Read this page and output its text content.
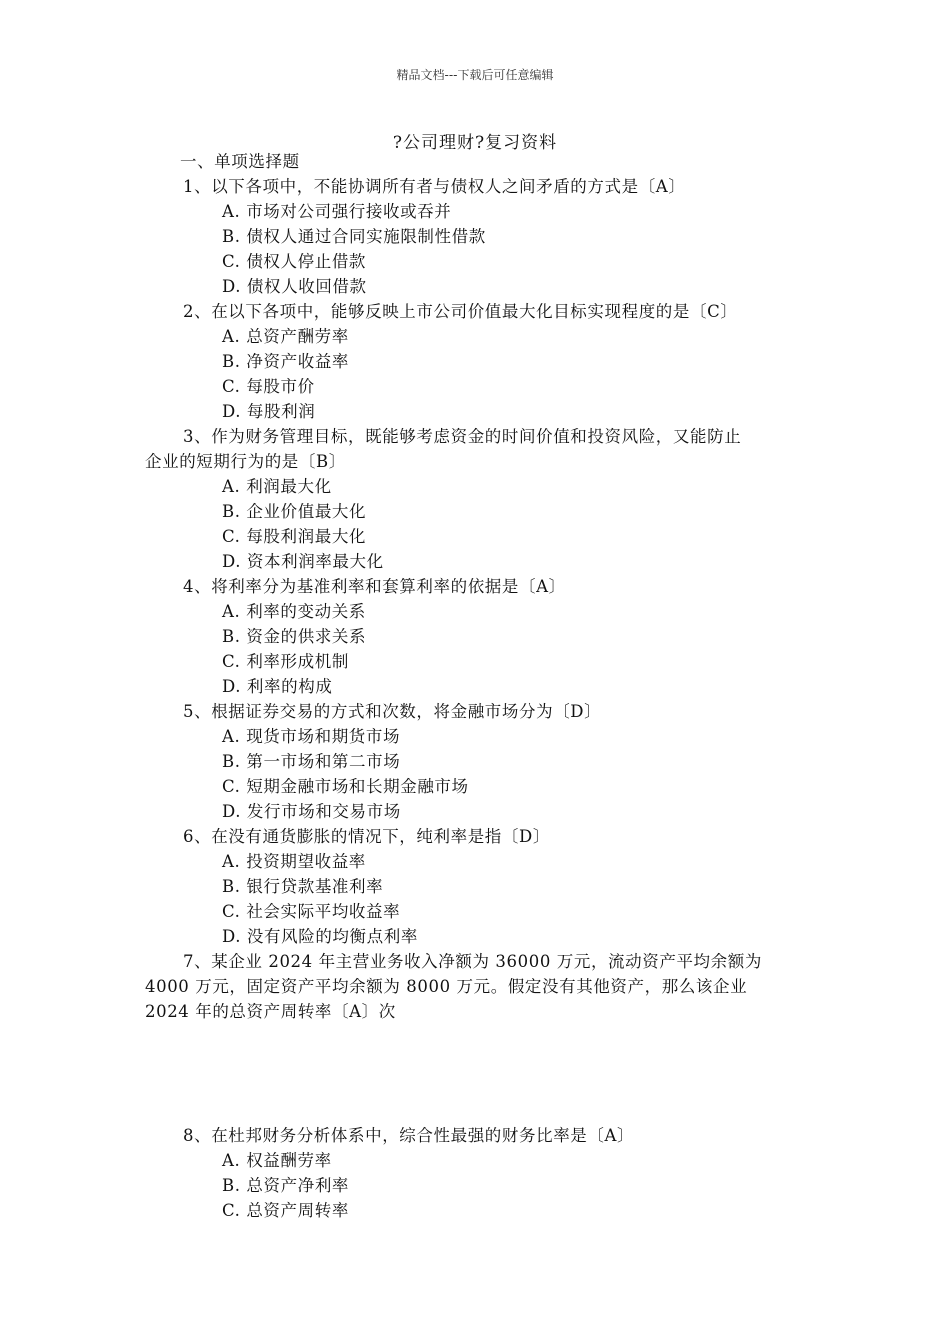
精品文档---下载后可任意编辑
?公司理财?复习资料
一、单项选择题
1、以下各项中，不能协调所有者与债权人之间矛盾的方式是〔A〕
A. 市场对公司强行接收或吞并
B. 债权人通过合同实施限制性借款
C. 债权人停止借款
D. 债权人收回借款
2、在以下各项中，能够反映上市公司价值最大化目标实现程度的是〔C〕
A. 总资产酬劳率
B. 净资产收益率
C. 每股市价
D. 每股利润
3、作为财务管理目标，既能够考虑资金的时间价值和投资风险，又能防止
企业的短期行为的是〔B〕
A. 利润最大化
B. 企业价值最大化
C. 每股利润最大化
D. 资本利润率最大化
4、将利率分为基准利率和套算利率的依据是〔A〕
A. 利率的变动关系
B. 资金的供求关系
C. 利率形成机制
D. 利率的构成
5、根据证券交易的方式和次数，将金融市场分为〔D〕
A. 现货市场和期货市场
B. 第一市场和第二市场
C. 短期金融市场和长期金融市场
D. 发行市场和交易市场
6、在没有通货膨胀的情况下，纯利率是指〔D〕
A. 投资期望收益率
B. 银行贷款基准利率
C. 社会实际平均收益率
D. 没有风险的均衡点利率
7、某企业 2024 年主营业务收入净额为 36000 万元，流动资产平均余额为
4000 万元，固定资产平均余额为 8000 万元。假定没有其他资产，那么该企业
2024 年的总资产周转率〔A〕次
8、在杜邦财务分析体系中，综合性最强的财务比率是〔A〕
A. 权益酬劳率
B. 总资产净利率
C. 总资产周转率
